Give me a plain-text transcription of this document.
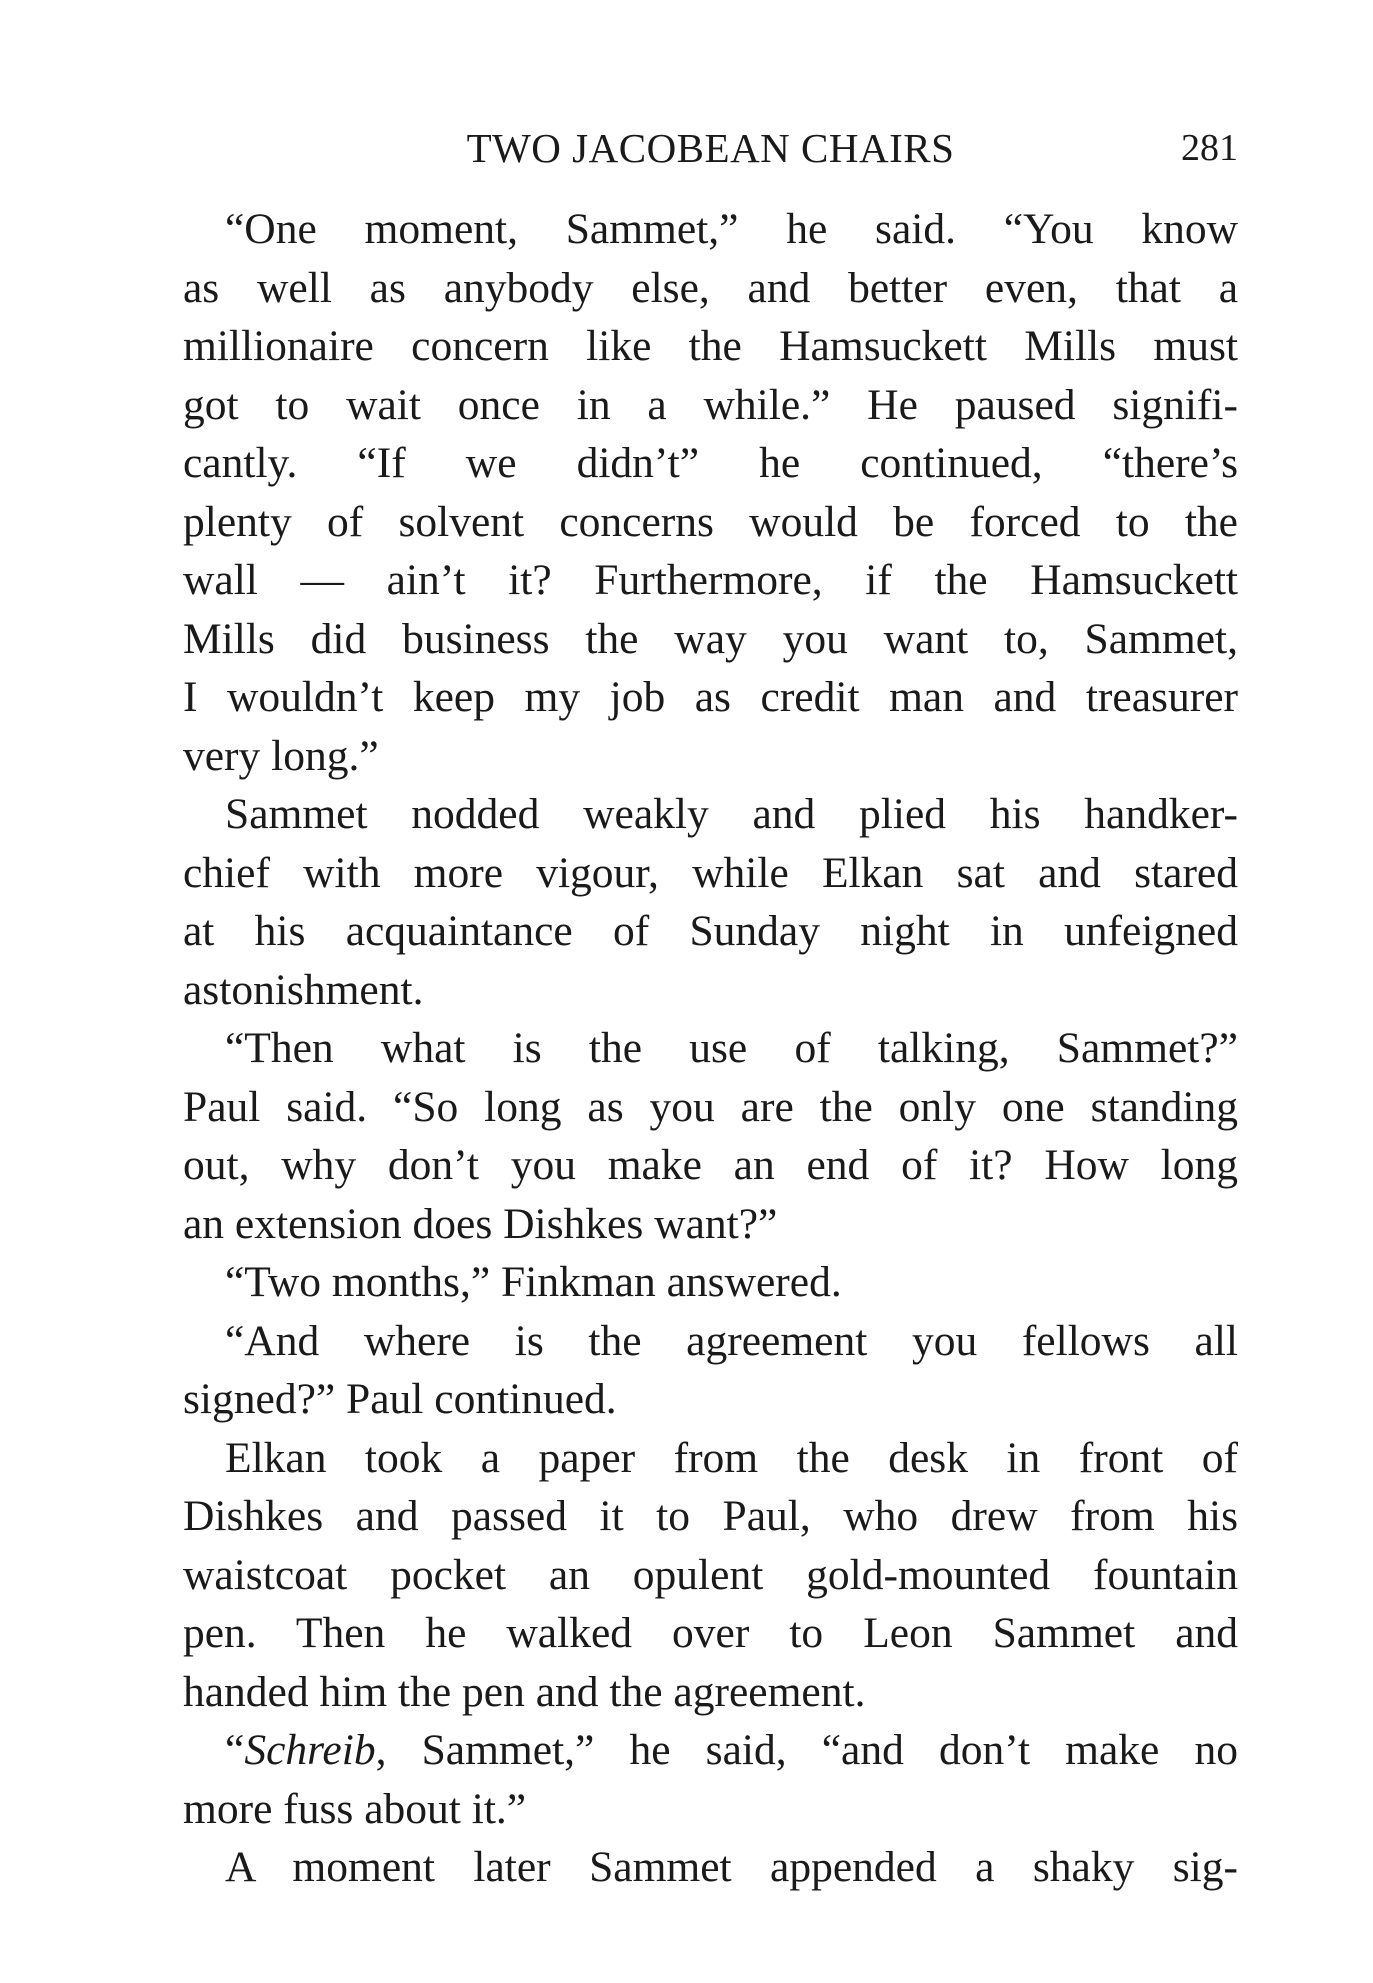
TWO JACOBEAN CHAIRS	281
“One moment, Sammet,” he said. “You know
as well as anybody else, and better even, that a
millionaire concern like the Hamsuckett Mills must
got to wait once in a while.” He paused signifi-
cantly. “If we didn’t” he continued, “there’s
plenty of solvent concerns would be forced to the
wall — ain’t it? Furthermore, if the Hamsuckett
Mills did business the way you want to, Sammet,
I wouldn’t keep my job as credit man and treasurer
very long.”
Sammet nodded weakly and plied his handker-
chief with more vigour, while Elkan sat and stared
at his acquaintance of Sunday night in unfeigned
astonishment.
“Then what is the use of talking, Sammet?”
Paul said. “So long as you are the only one standing
out, why don’t you make an end of it? How long
an extension does Dishkes want?”
“Two months,” Finkman answered.
“And where is the agreement you fellows all
signed?” Paul continued.
Elkan took a paper from the desk in front of
Dishkes and passed it to Paul, who drew from his
waistcoat pocket an opulent gold-mounted fountain
pen. Then he walked over to Leon Sammet and
handed him the pen and the agreement.
“Schreib, Sammet,” he said, “and don’t make no
more fuss about it.”
A moment later Sammet appended a shaky sig-
